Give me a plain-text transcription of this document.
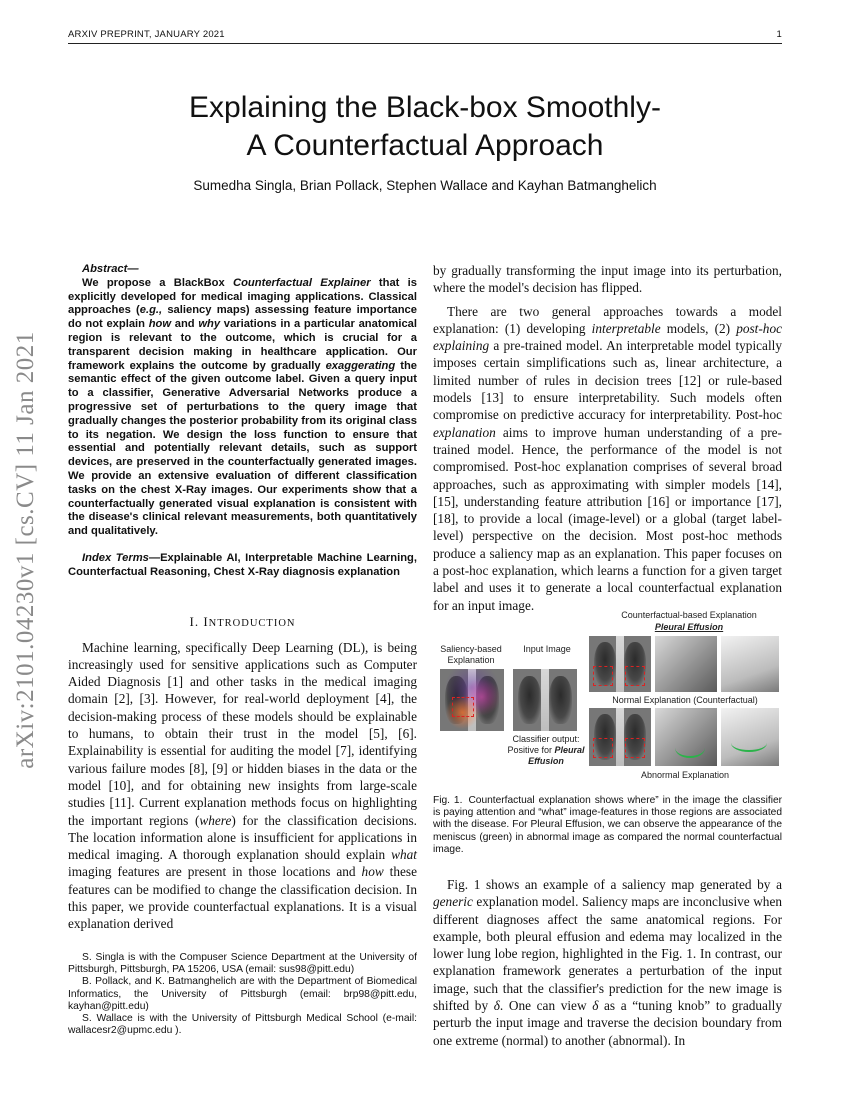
ARXIV PREPRINT, JANUARY 2021	1
arXiv:2101.04230v1 [cs.CV] 11 Jan 2021
Explaining the Black-box Smoothly-
A Counterfactual Approach
Sumedha Singla, Brian Pollack, Stephen Wallace and Kayhan Batmanghelich
Abstract—

We propose a BlackBox Counterfactual Explainer that is explicitly developed for medical imaging applications. Classical approaches (e.g., saliency maps) assessing feature importance do not explain how and why variations in a particular anatomical region is relevant to the outcome, which is crucial for a transparent decision making in healthcare application. Our framework explains the outcome by gradually exaggerating the semantic effect of the given outcome label. Given a query input to a classifier, Generative Adversarial Networks produce a progressive set of perturbations to the query image that gradually changes the posterior probability from its original class to its negation. We design the loss function to ensure that essential and potentially relevant details, such as support devices, are preserved in the counterfactually generated images. We provide an extensive evaluation of different classification tasks on the chest X-Ray images. Our experiments show that a counterfactually generated visual explanation is consistent with the disease's clinical relevant measurements, both quantitatively and qualitatively.

Index Terms—Explainable AI, Interpretable Machine Learning, Counterfactual Reasoning, Chest X-Ray diagnosis explanation
I. INTRODUCTION

Machine learning, specifically Deep Learning (DL), is being increasingly used for sensitive applications such as Computer Aided Diagnosis [1] and other tasks in the medical imaging domain [2], [3]. However, for real-world deployment [4], the decision-making process of these models should be explainable to humans, to obtain their trust in the model [5], [6]. Explainability is essential for auditing the model [7], identifying various failure modes [8], [9] or hidden biases in the data or the model [10], and for obtaining new insights from large-scale studies [11]. Current explanation methods focus on highlighting the important regions (where) for the classification decisions. The location information alone is insufficient for applications in medical imaging. A thorough explanation should explain what imaging features are present in those locations and how these features can be modified to change the classification decision. In this paper, we provide counterfactual explanations. It is a visual explanation derived

S. Singla is with the Compuser Science Department at the University of Pittsburgh, Pittsburgh, PA 15206, USA (email: sus98@pitt.edu)

B. Pollack, and K. Batmanghelich are with the Department of Biomedical Informatics, the University of Pittsburgh (email: brp98@pitt.edu, kayhan@pitt.edu)

S. Wallace is with the University of Pittsburgh Medical School (e-mail: wallacesr2@upmc.edu ).

by gradually transforming the input image into its perturbation, where the model's decision has flipped.

There are two general approaches towards a model explanation: (1) developing interpretable models, (2) post-hoc explaining a pre-trained model. An interpretable model typically imposes certain simplifications such as, linear architecture, a limited number of rules in decision trees [12] or rule-based models [13] to ensure interpretability. Such models often compromise on predictive accuracy for interpretability. Post-hoc explanation aims to improve human understanding of a pre-trained model. Hence, the performance of the model is not compromised. Post-hoc explanation comprises of several broad approaches, such as approximating with simpler models [14], [15], understanding feature attribution [16] or importance [17], [18], to provide a local (image-level) or a global (target label-level) perspective on the decision. Most post-hoc methods produce a saliency map as an explanation. This paper focuses on a post-hoc explanation, which learns a function for a given target label and uses it to generate a local counterfactual explanation for an input image.

Counterfactual-based Explanation
Pleural Effusion
Saliency-based
Explanation
Input Image
Classifier output:
Positive for Pleural
Effusion
Normal Explanation (Counterfactual)
Abnormal Explanation
Fig. 1. Counterfactual explanation shows where” in the image the classifier is paying attention and “what” image-features in those regions are associated with the disease. For Pleural Effusion, we can observe the appearance of the meniscus (green) in abnormal image as compared the normal counterfactual image.

Fig. 1 shows an example of a saliency map generated by a generic explanation model. Saliency maps are inconclusive when different diagnoses affect the same anatomical regions. For example, both pleural effusion and edema may localized in the lower lung lobe region, highlighted in the Fig. 1. In contrast, our explanation framework generates a perturbation of the input image, such that the classifier's prediction for the new image is shifted by δ. One can view δ as a “tuning knob” to gradually perturb the input image and traverse the decision boundary from one extreme (normal) to another (abnormal). In
